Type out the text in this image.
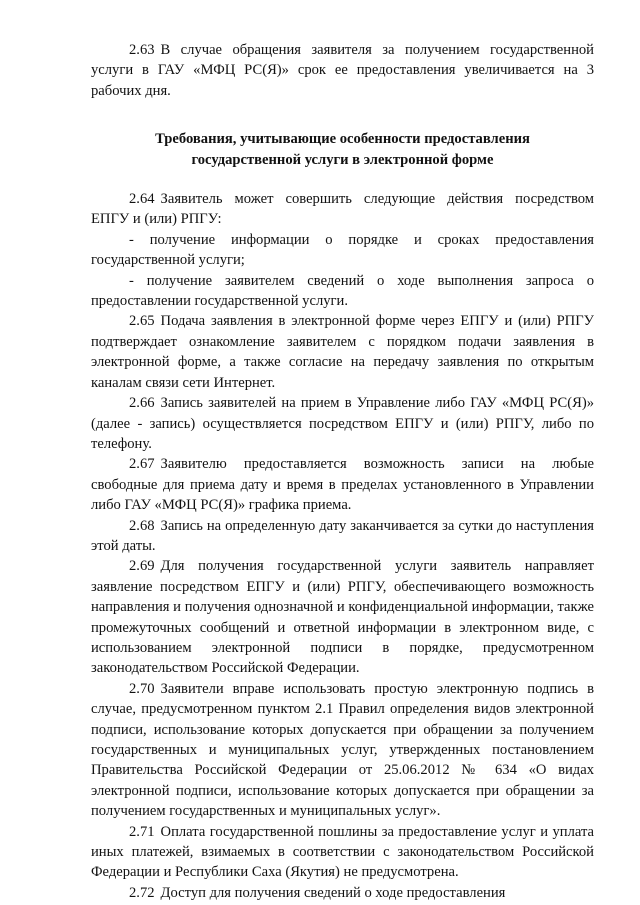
2.63 В случае обращения заявителя за получением государственной услуги в ГАУ «МФЦ РС(Я)» срок ее предоставления увеличивается на 3 рабочих дня.

Требования, учитывающие особенности предоставления
государственной услуги в электронной форме

2.64 Заявитель может совершить следующие действия посредством ЕПГУ и (или) РПГУ:

- получение информации о порядке и сроках предоставления государственной услуги;

- получение заявителем сведений о ходе выполнения запроса о предоставлении государственной услуги.

2.65 Подача заявления в электронной форме через ЕПГУ и (или) РПГУ подтверждает ознакомление заявителем с порядком подачи заявления в электронной форме, а также согласие на передачу заявления по открытым каналам связи сети Интернет.

2.66 Запись заявителей на прием в Управление либо ГАУ «МФЦ РС(Я)» (далее - запись) осуществляется посредством ЕПГУ и (или) РПГУ, либо по телефону.

2.67 Заявителю предоставляется возможность записи на любые свободные для приема дату и время в пределах установленного в Управлении либо ГАУ «МФЦ РС(Я)» графика приема.

2.68 Запись на определенную дату заканчивается за сутки до наступления этой даты.

2.69 Для получения государственной услуги заявитель направляет заявление посредством ЕПГУ и (или) РПГУ, обеспечивающего возможность направления и получения однозначной и конфиденциальной информации, также промежуточных сообщений и ответной информации в электронном виде, с использованием электронной подписи в порядке, предусмотренном законодательством Российской Федерации.

2.70 Заявители вправе использовать простую электронную подпись в случае, предусмотренном пунктом 2.1 Правил определения видов электронной подписи, использование которых допускается при обращении за получением государственных и муниципальных услуг, утвержденных постановлением Правительства Российской Федерации от 25.06.2012 № 634 «О видах электронной подписи, использование которых допускается при обращении за получением государственных и муниципальных услуг».

2.71 Оплата государственной пошлины за предоставление услуг и уплата иных платежей, взимаемых в соответствии с законодательством Российской Федерации и Республики Саха (Якутия) не предусмотрена.

2.72 Доступ для получения сведений о ходе предоставления
